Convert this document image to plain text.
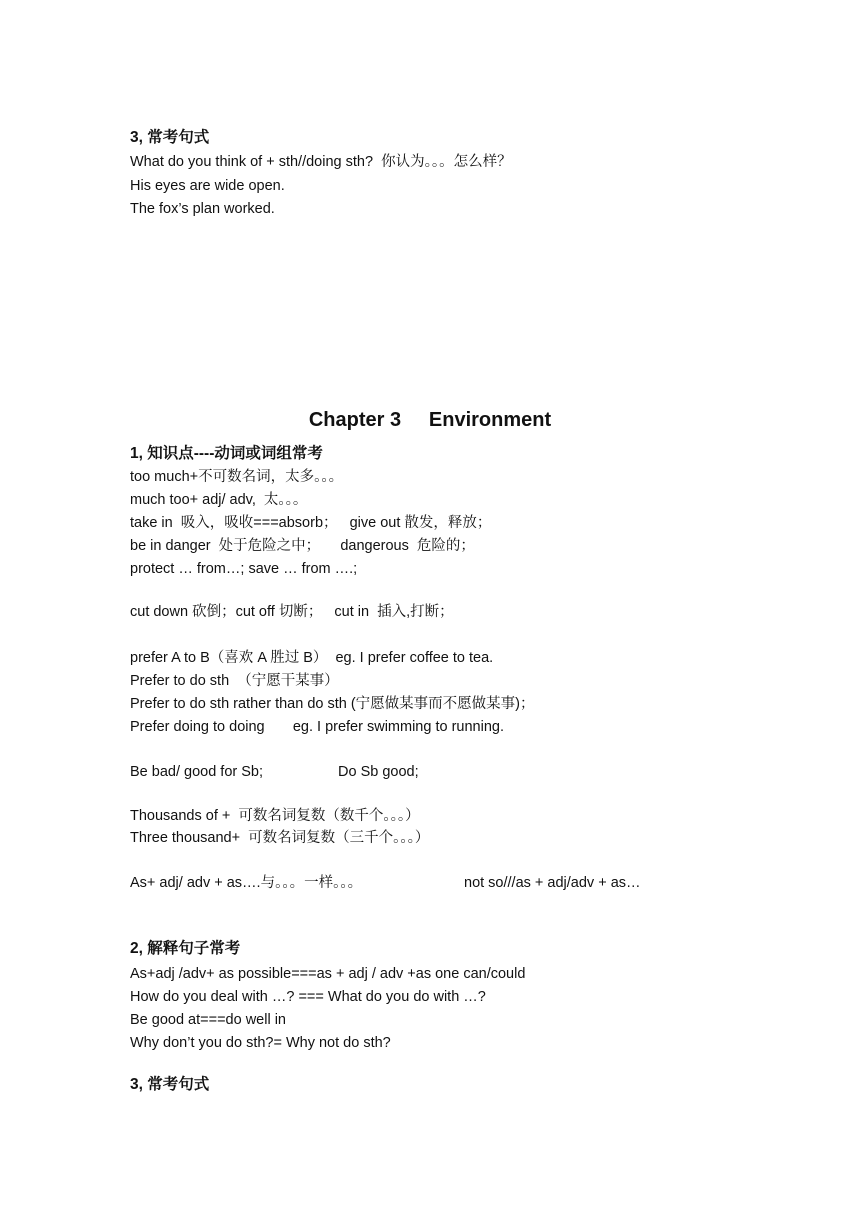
3, 常考句式
What do you think of + sth//doing sth?  你认为。。。怎么样？
His eyes are wide open.
The fox’s plan worked.
Chapter 3     Environment
1, 知识点----动词或词组常考
too much+不可数名词，太多。。。
much too+ adj/ adv,  太。。。
take in  吸入，吸收===absorb；   give out 散发，释放；
be in danger  处于危险之中；     dangerous  危险的；
protect … from…; save … from ….;
cut down 砍倒；cut off 切断；   cut in  插入,打断；
prefer A to B（喜欢 A 胜过 B）  eg. I prefer coffee to tea.
Prefer to do sth  （宁愿干某事）
Prefer to do sth rather than do sth (宁愿做某事而不愿做某事)；
Prefer doing to doing       eg. I prefer swimming to running.
Be bad/ good for Sb;	Do Sb good;
Thousands of +  可数名词复数（数千个。。。）
Three thousand+  可数名词复数（三千个。。。）
As+ adj/ adv + as….与。。。一样。。。	not so///as + adj/adv + as…
2, 解释句子常考
As+adj /adv+ as possible===as + adj / adv +as one can/could
How do you deal with …? === What do you do with …?
Be good at===do well in
Why don’t you do sth?= Why not do sth?
3, 常考句式
